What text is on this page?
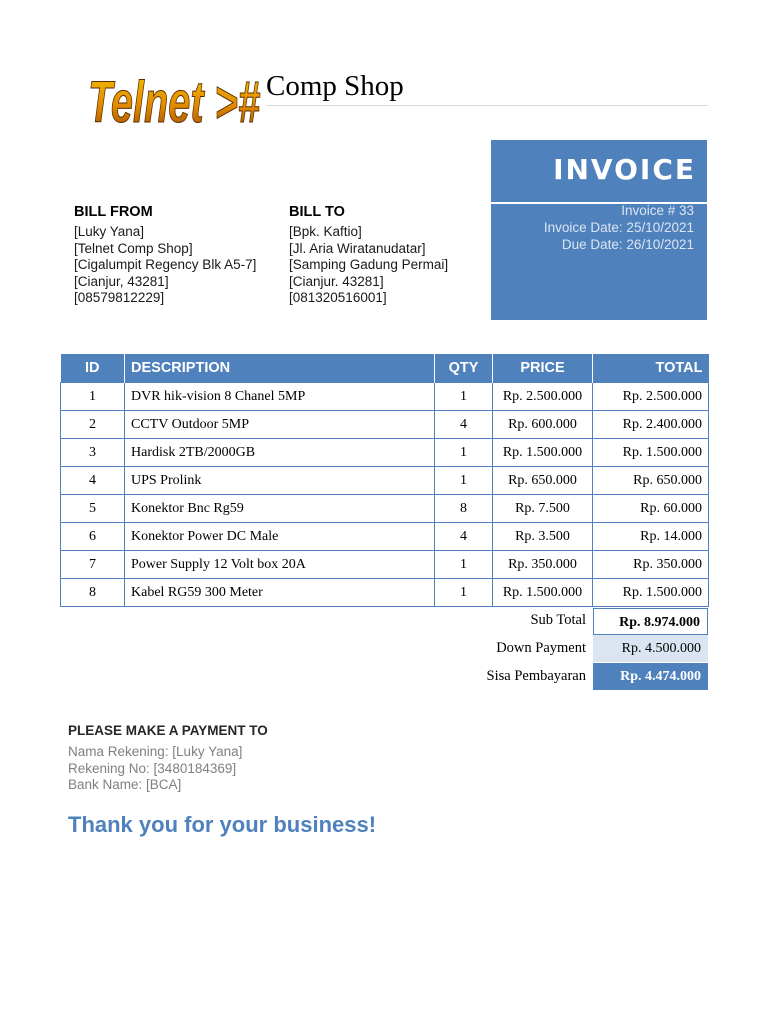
Telnet ># Comp Shop
INVOICE
Invoice # 33
Invoice Date: 25/10/2021
Due Date: 26/10/2021
BILL FROM
[Luky Yana]
[Telnet Comp Shop]
[Cigalumpit Regency Blk A5-7]
[Cianjur, 43281]
[08579812229]
BILL TO
[Bpk. Kaftio]
[Jl. Aria Wiratanudatar]
[Samping Gadung Permai]
[Cianjur. 43281]
[081320516001]
ID	DESCRIPTION	QTY	PRICE	TOTAL
1	DVR hik-vision 8 Chanel 5MP	1	Rp. 2.500.000	Rp. 2.500.000
2	CCTV Outdoor 5MP	4	Rp. 600.000	Rp. 2.400.000
3	Hardisk 2TB/2000GB	1	Rp. 1.500.000	Rp. 1.500.000
4	UPS Prolink	1	Rp. 650.000	Rp. 650.000
5	Konektor Bnc Rg59	8	Rp. 7.500	Rp. 60.000
6	Konektor Power DC Male	4	Rp. 3.500	Rp. 14.000
7	Power Supply 12 Volt box 20A	1	Rp. 350.000	Rp. 350.000
8	Kabel RG59 300 Meter	1	Rp. 1.500.000	Rp. 1.500.000
Sub Total	Rp. 8.974.000
Down Payment	Rp. 4.500.000
Sisa Pembayaran	Rp. 4.474.000
PLEASE MAKE A PAYMENT TO
Nama Rekening: [Luky Yana]
Rekening No: [3480184369]
Bank Name: [BCA]
Thank you for your business!
